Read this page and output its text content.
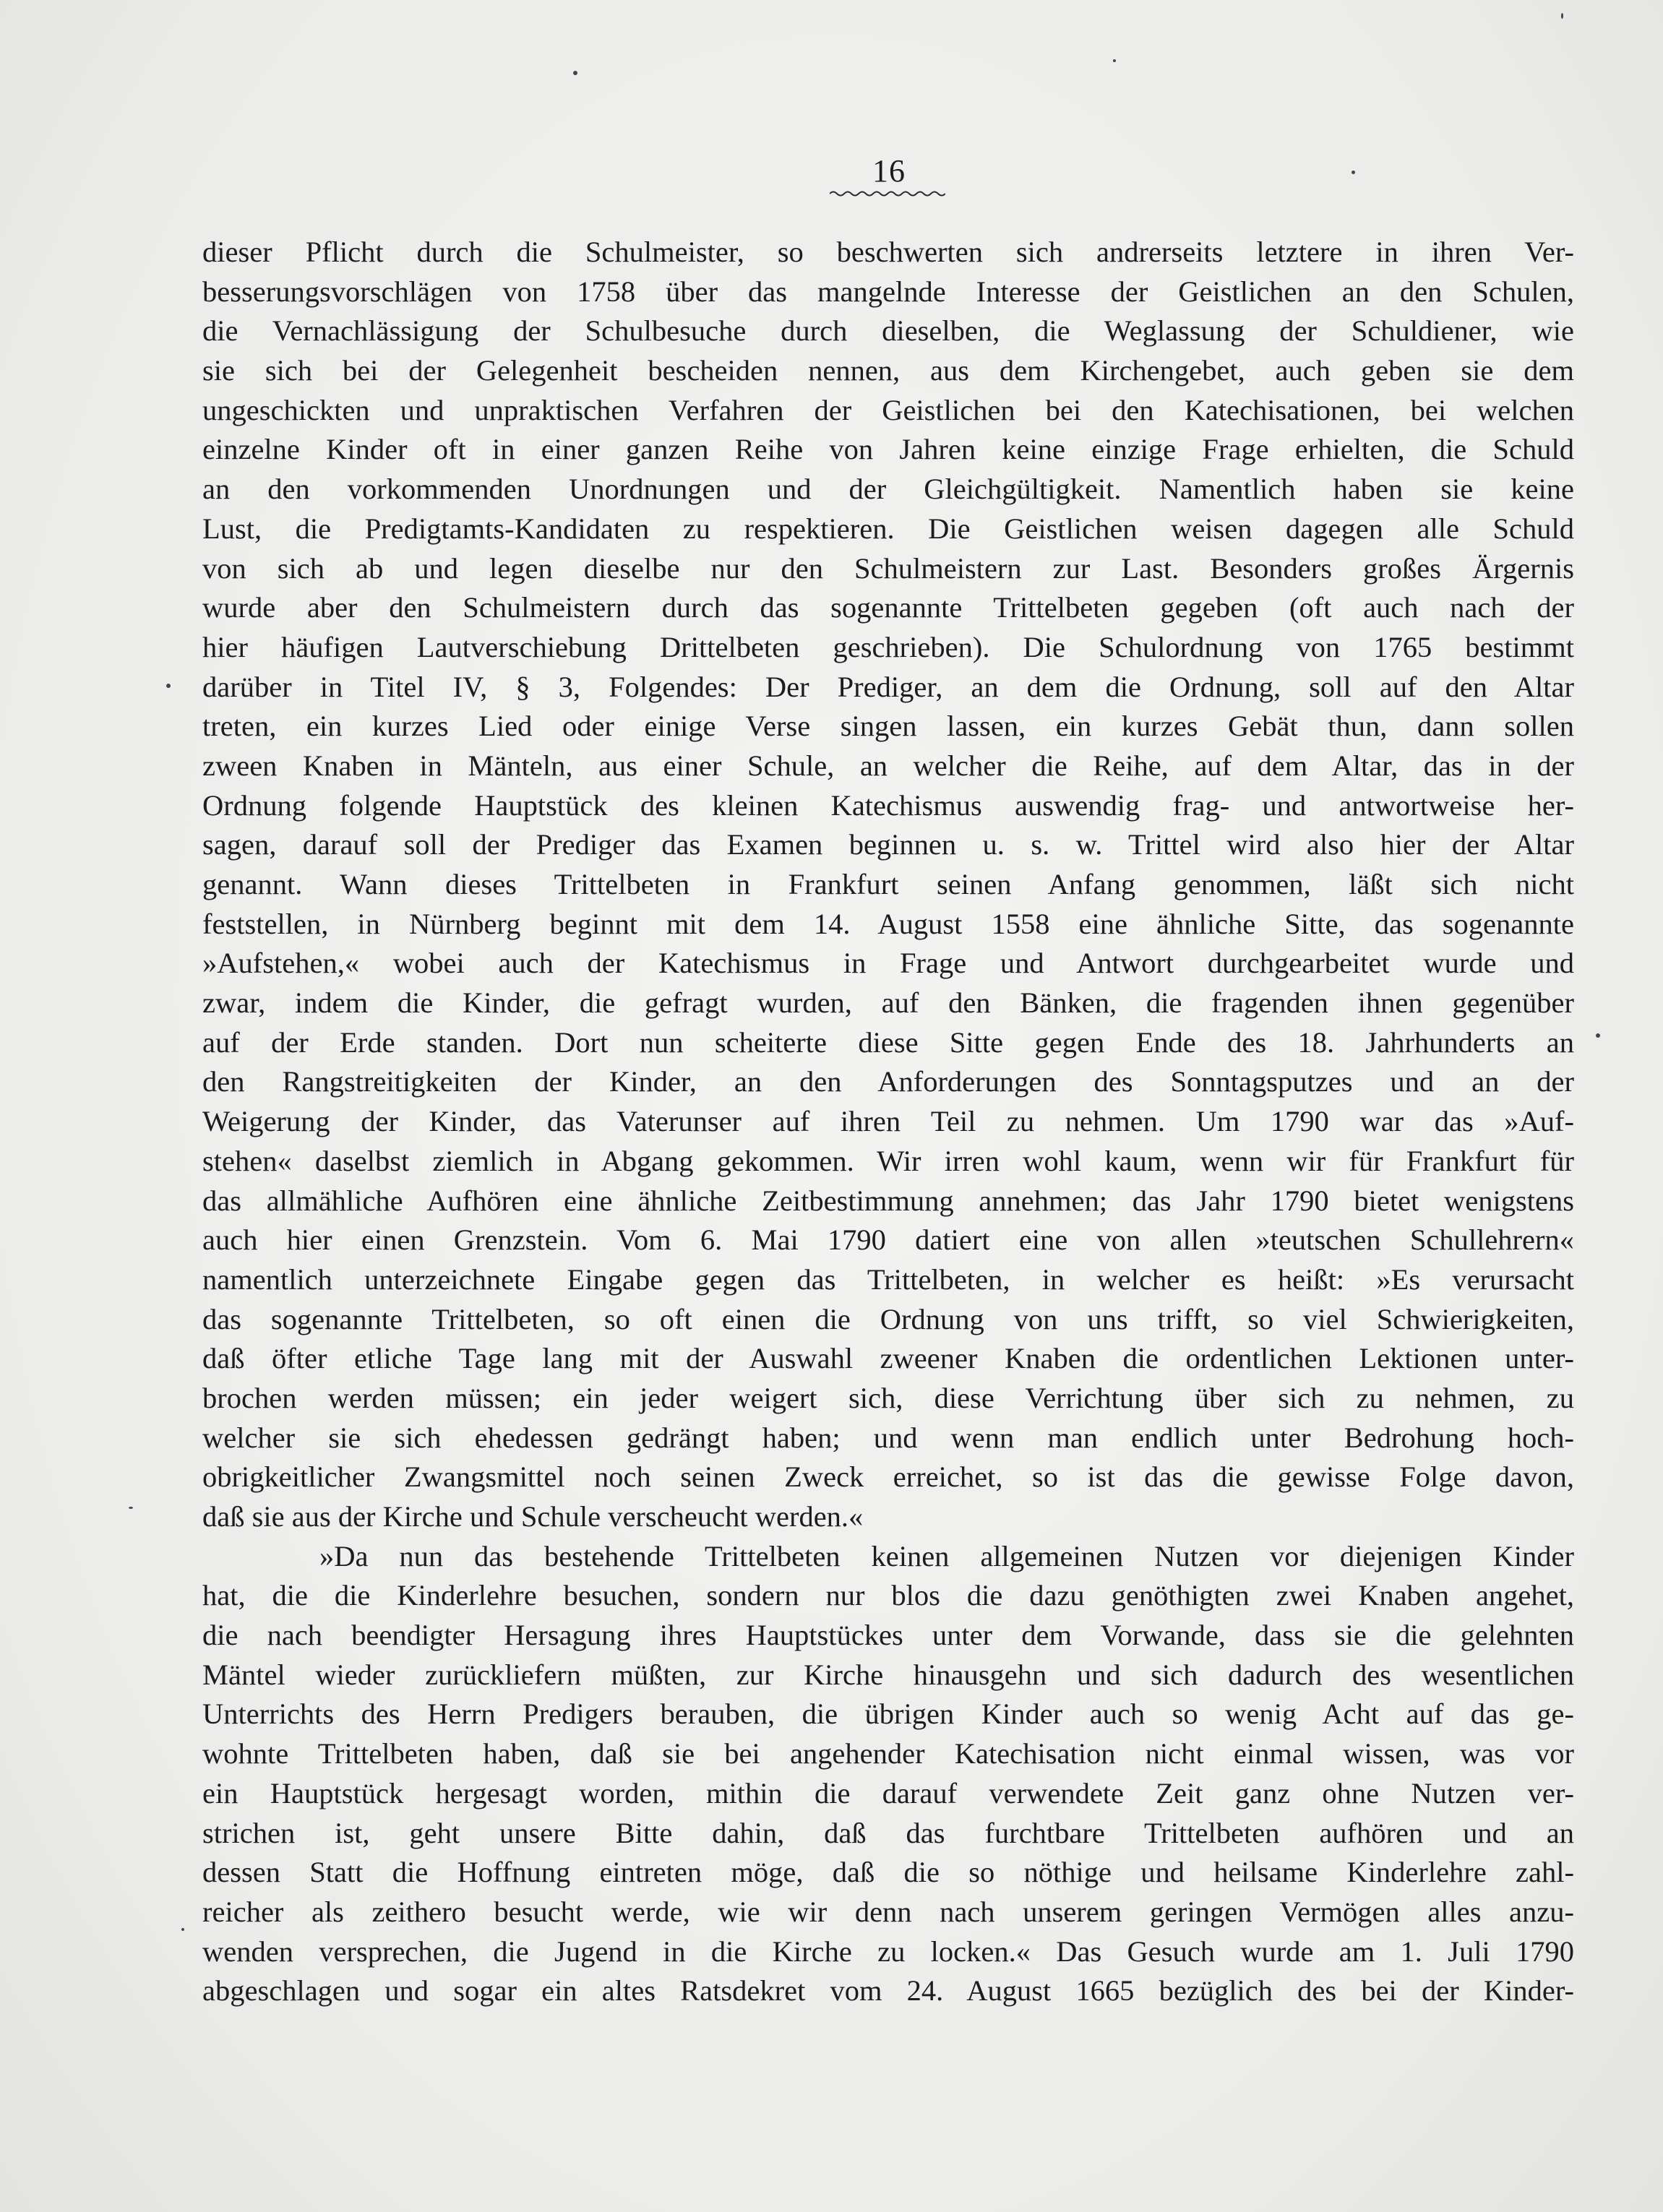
16
dieser Pflicht durch die Schulmeister, so beschwerten sich andrerseits letztere in ihren Ver-
besserungsvorschlägen von 1758 über das mangelnde Interesse der Geistlichen an den Schulen,
die Vernachlässigung der Schulbesuche durch dieselben, die Weglassung der Schuldiener, wie
sie sich bei der Gelegenheit bescheiden nennen, aus dem Kirchengebet, auch geben sie dem
ungeschickten und unpraktischen Verfahren der Geistlichen bei den Katechisationen, bei welchen
einzelne Kinder oft in einer ganzen Reihe von Jahren keine einzige Frage erhielten, die Schuld
an den vorkommenden Unordnungen und der Gleichgültigkeit. Namentlich haben sie keine
Lust, die Predigtamts-Kandidaten zu respektieren. Die Geistlichen weisen dagegen alle Schuld
von sich ab und legen dieselbe nur den Schulmeistern zur Last. Besonders großes Ärgernis
wurde aber den Schulmeistern durch das sogenannte Trittelbeten gegeben (oft auch nach der
hier häufigen Lautverschiebung Drittelbeten geschrieben). Die Schulordnung von 1765 bestimmt
darüber in Titel IV, § 3, Folgendes: Der Prediger, an dem die Ordnung, soll auf den Altar
treten, ein kurzes Lied oder einige Verse singen lassen, ein kurzes Gebät thun, dann sollen
zween Knaben in Mänteln, aus einer Schule, an welcher die Reihe, auf dem Altar, das in der
Ordnung folgende Hauptstück des kleinen Katechismus auswendig frag- und antwortweise her-
sagen, darauf soll der Prediger das Examen beginnen u. s. w. Trittel wird also hier der Altar
genannt. Wann dieses Trittelbeten in Frankfurt seinen Anfang genommen, läßt sich nicht
feststellen, in Nürnberg beginnt mit dem 14. August 1558 eine ähnliche Sitte, das sogenannte
»Aufstehen,« wobei auch der Katechismus in Frage und Antwort durchgearbeitet wurde und
zwar, indem die Kinder, die gefragt wurden, auf den Bänken, die fragenden ihnen gegenüber
auf der Erde standen. Dort nun scheiterte diese Sitte gegen Ende des 18. Jahrhunderts an
den Rangstreitigkeiten der Kinder, an den Anforderungen des Sonntagsputzes und an der
Weigerung der Kinder, das Vaterunser auf ihren Teil zu nehmen. Um 1790 war das »Auf-
stehen« daselbst ziemlich in Abgang gekommen. Wir irren wohl kaum, wenn wir für Frankfurt für
das allmähliche Aufhören eine ähnliche Zeitbestimmung annehmen; das Jahr 1790 bietet wenigstens
auch hier einen Grenzstein. Vom 6. Mai 1790 datiert eine von allen »teutschen Schullehrern«
namentlich unterzeichnete Eingabe gegen das Trittelbeten, in welcher es heißt: »Es verursacht
das sogenannte Trittelbeten, so oft einen die Ordnung von uns trifft, so viel Schwierigkeiten,
daß öfter etliche Tage lang mit der Auswahl zweener Knaben die ordentlichen Lektionen unter-
brochen werden müssen; ein jeder weigert sich, diese Verrichtung über sich zu nehmen, zu
welcher sie sich ehedessen gedrängt haben; und wenn man endlich unter Bedrohung hoch-
obrigkeitlicher Zwangsmittel noch seinen Zweck erreichet, so ist das die gewisse Folge davon,
daß sie aus der Kirche und Schule verscheucht werden.«
»Da nun das bestehende Trittelbeten keinen allgemeinen Nutzen vor diejenigen Kinder
hat, die die Kinderlehre besuchen, sondern nur blos die dazu genöthigten zwei Knaben angehet,
die nach beendigter Hersagung ihres Hauptstückes unter dem Vorwande, dass sie die gelehnten
Mäntel wieder zurückliefern müßten, zur Kirche hinausgehn und sich dadurch des wesentlichen
Unterrichts des Herrn Predigers berauben, die übrigen Kinder auch so wenig Acht auf das ge-
wohnte Trittelbeten haben, daß sie bei angehender Katechisation nicht einmal wissen, was vor
ein Hauptstück hergesagt worden, mithin die darauf verwendete Zeit ganz ohne Nutzen ver-
strichen ist, geht unsere Bitte dahin, daß das furchtbare Trittelbeten aufhören und an
dessen Statt die Hoffnung eintreten möge, daß die so nöthige und heilsame Kinderlehre zahl-
reicher als zeithero besucht werde, wie wir denn nach unserem geringen Vermögen alles anzu-
wenden versprechen, die Jugend in die Kirche zu locken.« Das Gesuch wurde am 1. Juli 1790
abgeschlagen und sogar ein altes Ratsdekret vom 24. August 1665 bezüglich des bei der Kinder-
